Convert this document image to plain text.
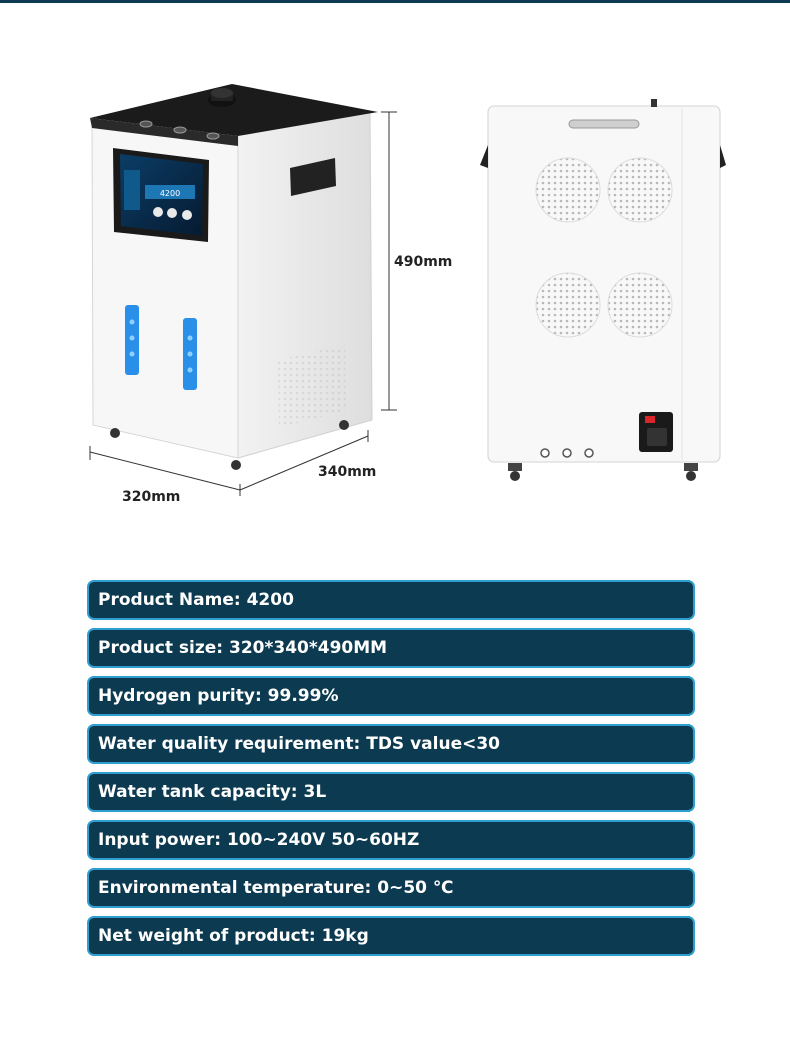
4200
490mm
340mm
320mm
Product Name: 4200
Product size: 320*340*490MM
Hydrogen purity: 99.99%
Water quality requirement: TDS value<30
Water tank capacity: 3L
Input power: 100~240V 50~60HZ
Environmental temperature: 0~50 ℃
Net weight of product: 19kg
